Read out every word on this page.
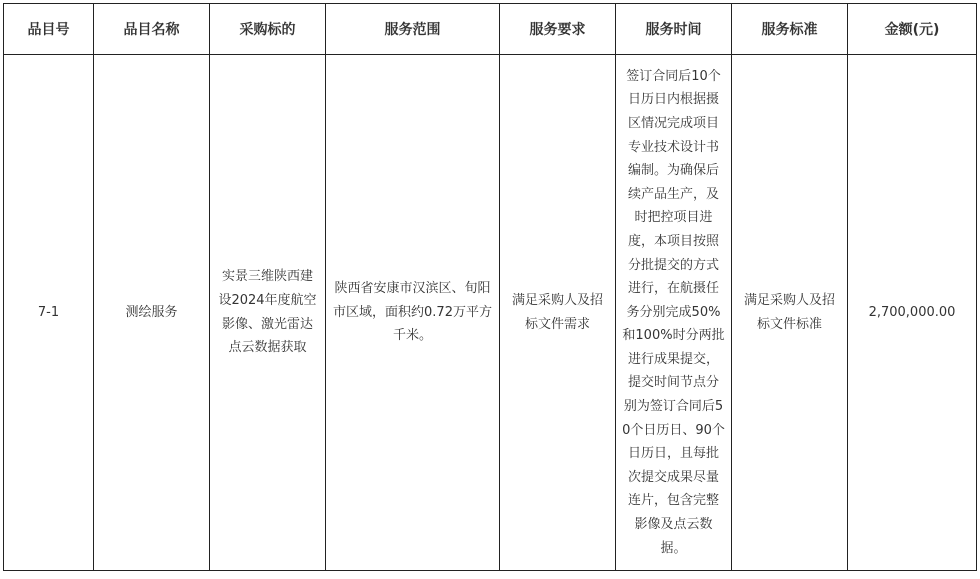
品目号	品目名称	采购标的	服务范围	服务要求	服务时间	服务标准	金额(元)
7-1	测绘服务	实景三维陕西建设2024年度航空影像、激光雷达点云数据获取	陕西省安康市汉滨区、旬阳市区域，面积约0.72万平方千米。	满足采购人及招标文件需求	签订合同后10个日历日内根据摄区情况完成项目专业技术设计书编制。为确保后续产品生产，及时把控项目进度，本项目按照分批提交的方式进行，在航摄任务分别完成50%和100%时分两批进行成果提交，提交时间节点分别为签订合同后50个日历日、90个日历日，且每批次提交成果尽量连片，包含完整影像及点云数据。	满足采购人及招标文件标准	2,700,000.00
